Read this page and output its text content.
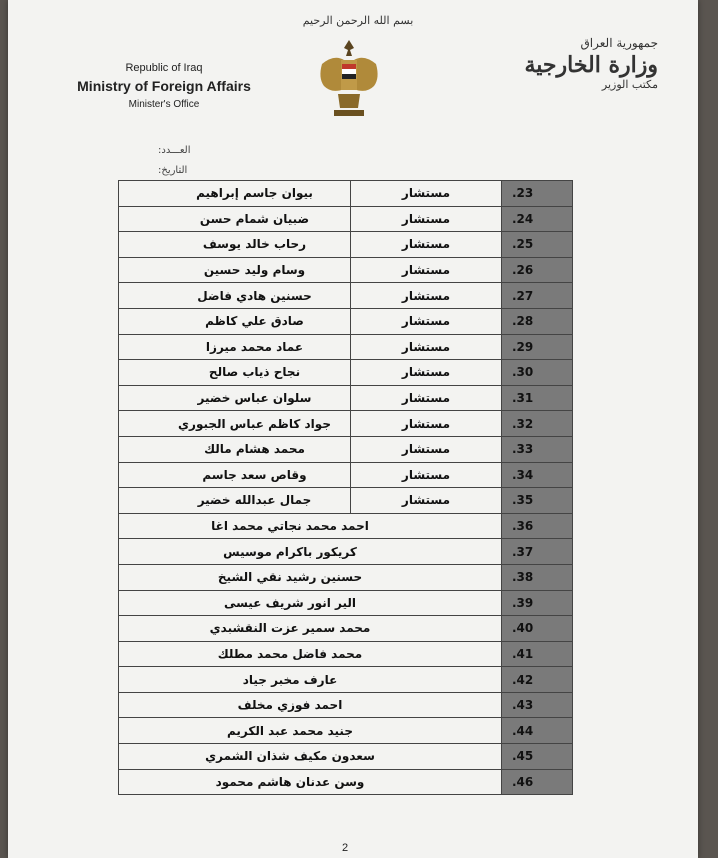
بسم الله الرحمن الرحيم
Republic of Iraq
Ministry of Foreign Affairs
Minister's Office
جمهورية العراق
وزارة الخارجية
مكتب الوزير
العـــدد:
التاريخ:
2
.23	مستشار	بيوان جاسم إبراهيم
.24	مستشار	ضبيان شمام حسن
.25	مستشار	رحاب خالد يوسف
.26	مستشار	وسام وليد حسين
.27	مستشار	حسنين هادي فاضل
.28	مستشار	صادق علي كاظم
.29	مستشار	عماد محمد ميرزا
.30	مستشار	نجاح ذياب صالح
.31	مستشار	سلوان عباس خضير
.32	مستشار	جواد كاظم عباس الجبوري
.33	مستشار	محمد هشام مالك
.34	مستشار	وقاص سعد جاسم
.35	مستشار	جمال عبدالله خضير
.36	احمد محمد نجاتي محمد اغا	
.37	كريكور باكرام موسيس	
.38	حسنين رشيد نقي الشيخ	
.39	الير انور شريف عيسى	
.40	محمد سمير عزت النقشبدي	
.41	محمد فاضل محمد مطلك	
.42	عارف مخبر جياد	
.43	احمد فوزي مخلف	
.44	جنيد محمد عبد الكريم	
.45	سعدون مكيف شذان الشمري	
.46	وسن عدنان هاشم محمود	
